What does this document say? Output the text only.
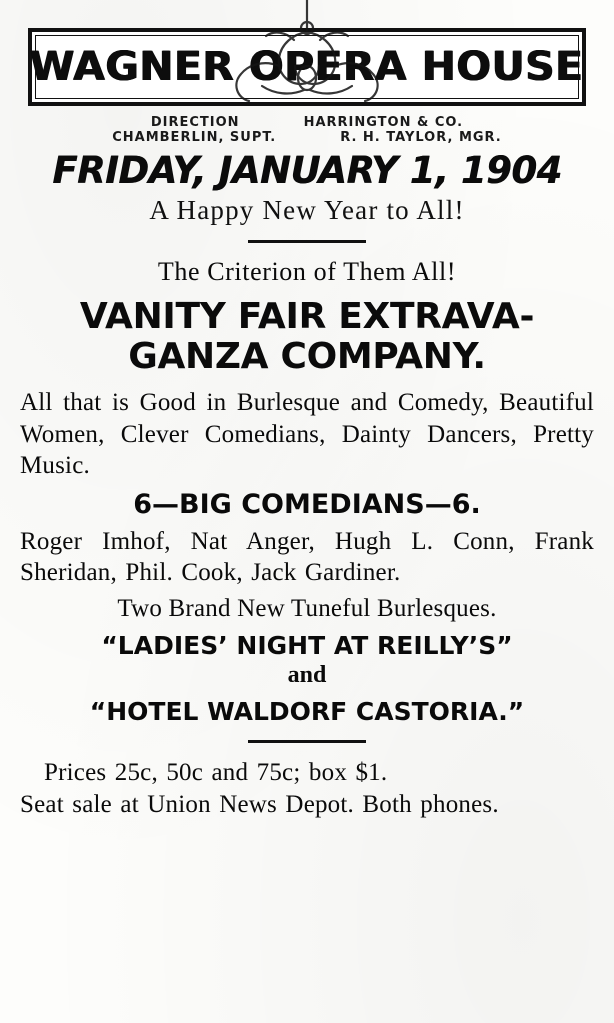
WAGNER OPERA HOUSE
DIRECTION	HARRINGTON & CO.
CHAMBERLIN, SUPT.	R. H. TAYLOR, MGR.
FRIDAY, JANUARY 1, 1904
A Happy New Year to All!
The Criterion of Them All!
VANITY FAIR EXTRAVA-
GANZA COMPANY.
All that is Good in Burlesque and Comedy, Beautiful Women, Clever Comedians, Dainty Dancers, Pretty Music.
6—BIG COMEDIANS—6.
Roger Imhof, Nat Anger, Hugh L. Conn, Frank Sheridan, Phil. Cook, Jack Gardiner.
Two Brand New Tuneful Burlesques.
“LADIES’ NIGHT AT REILLY’S”
and
“HOTEL WALDORF CASTORIA.”
Prices 25c, 50c and 75c; box $1.
Seat sale at Union News Depot. Both phones.
